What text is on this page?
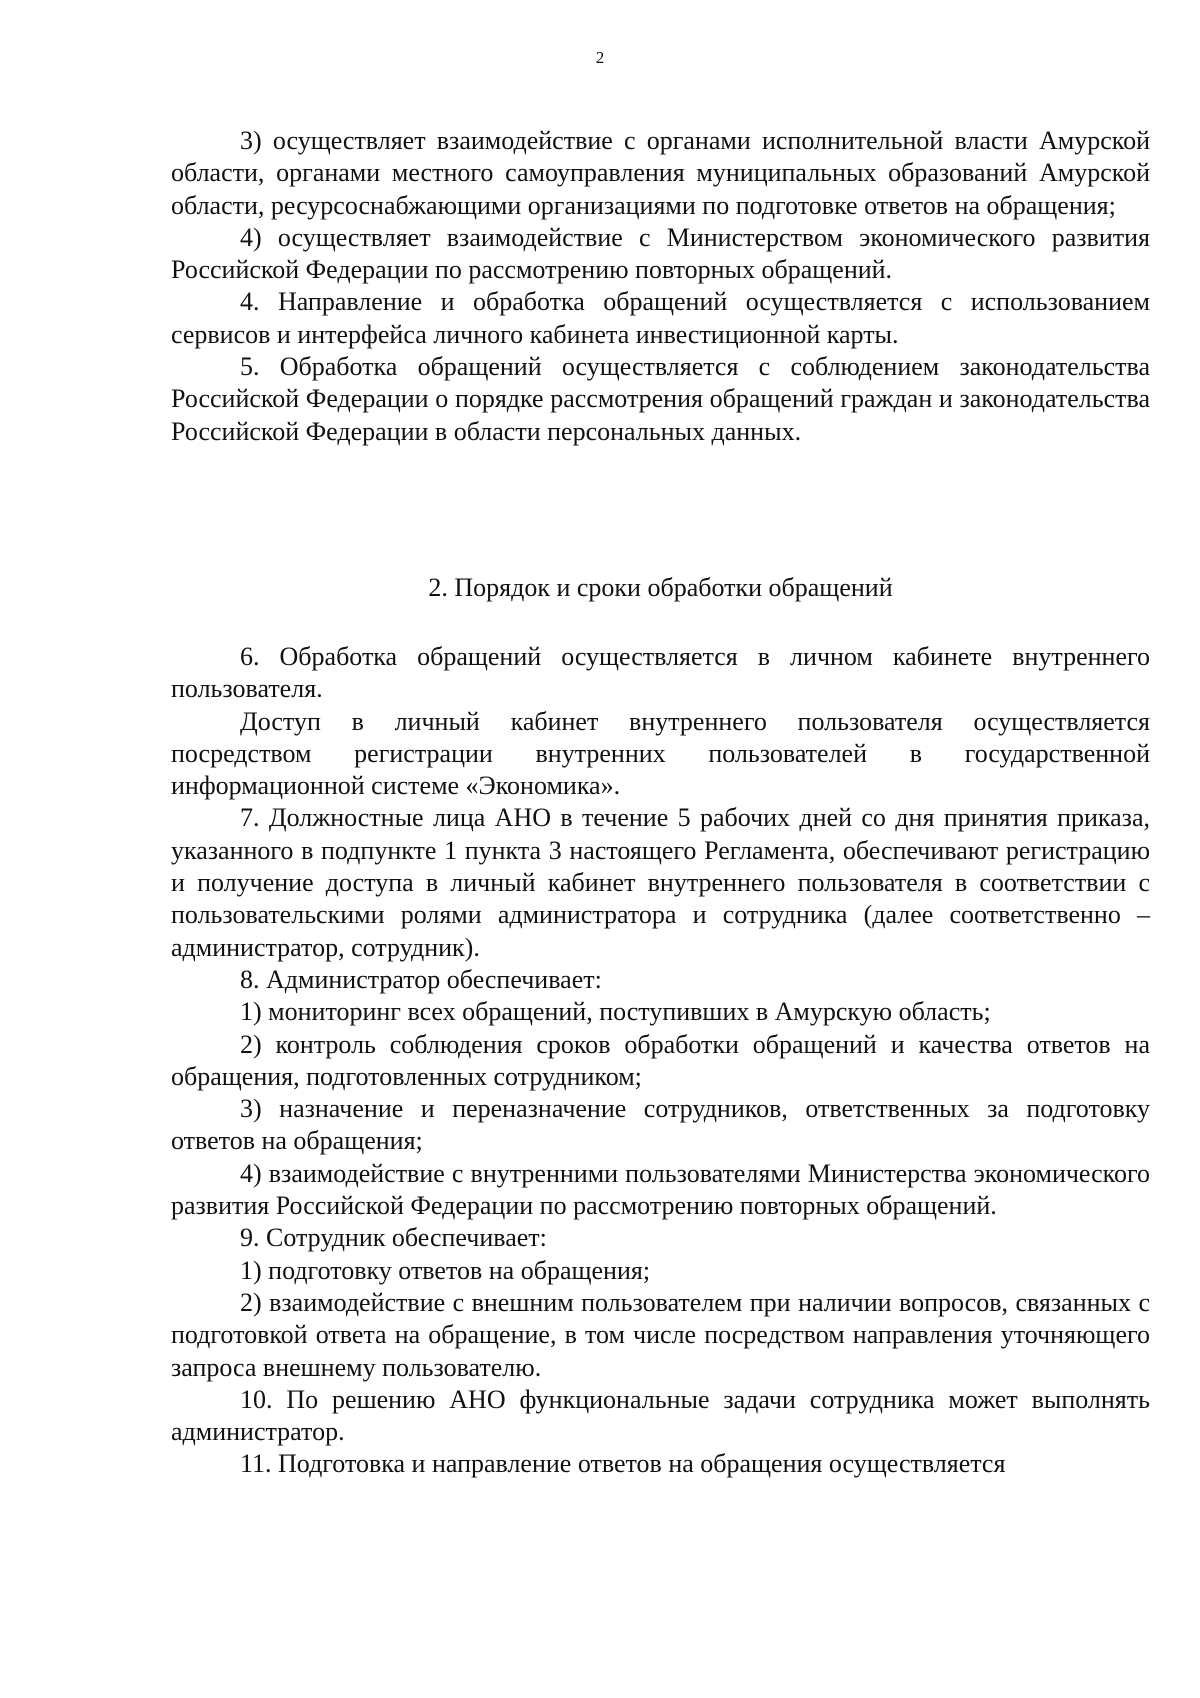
2

3) осуществляет взаимодействие с органами исполнительной власти Амурской области, органами местного самоуправления муниципальных образований Амурской области, ресурсоснабжающими организациями по подготовке ответов на обращения;

4) осуществляет взаимодействие с Министерством экономического развития Российской Федерации по рассмотрению повторных обращений.

4. Направление и обработка обращений осуществляется с использованием сервисов и интерфейса личного кабинета инвестиционной карты.

5. Обработка обращений осуществляется с соблюдением законодательства Российской Федерации о порядке рассмотрения обращений граждан и законодательства Российской Федерации в области персональных данных.

2. Порядок и сроки обработки обращений

6. Обработка обращений осуществляется в личном кабинете внутреннего пользователя.

Доступ в личный кабинет внутреннего пользователя осуществляется посредством регистрации внутренних пользователей в государственной информационной системе «Экономика».

7. Должностные лица АНО в течение 5 рабочих дней со дня принятия приказа, указанного в подпункте 1 пункта 3 настоящего Регламента, обеспечивают регистрацию и получение доступа в личный кабинет внутреннего пользователя в соответствии с пользовательскими ролями администратора и сотрудника (далее соответственно – администратор, сотрудник).

8. Администратор обеспечивает:

1) мониторинг всех обращений, поступивших в Амурскую область;

2) контроль соблюдения сроков обработки обращений и качества ответов на обращения, подготовленных сотрудником;

3) назначение и переназначение сотрудников, ответственных за подготовку ответов на обращения;

4) взаимодействие с внутренними пользователями Министерства экономического развития Российской Федерации по рассмотрению повторных обращений.

9. Сотрудник обеспечивает:

1) подготовку ответов на обращения;

2) взаимодействие с внешним пользователем при наличии вопросов, связанных с подготовкой ответа на обращение, в том числе посредством направления уточняющего запроса внешнему пользователю.

10. По решению АНО функциональные задачи сотрудника может выполнять администратор.

11. Подготовка и направление ответов на обращения осуществляется
